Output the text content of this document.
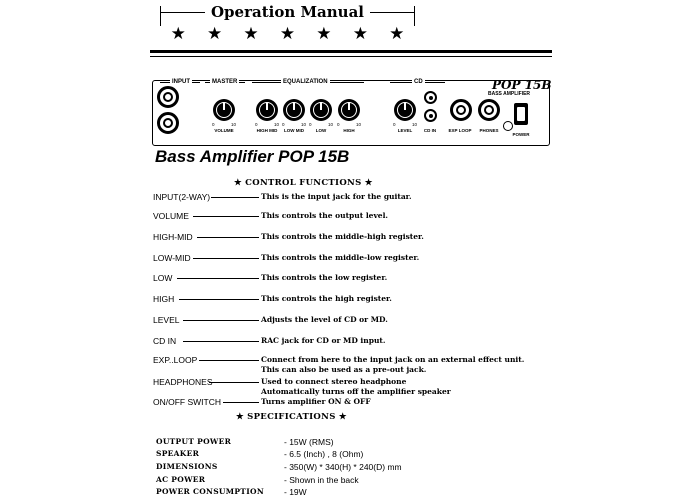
Operation Manual
★ ★ ★ ★ ★ ★ ★
INPUT	MASTER	EQUALIZATION	CD	POP 15B
BASS AMPLIFIER
0	10
VOLUME
0	10
HIGH MID
0	10
LOW MID
0	10
LOW
0	10
HIGH
0	10
LEVEL	CD IN	EXP LOOP	PHONES
POWER
Bass Amplifier POP 15B
★ CONTROL FUNCTIONS ★
INPUT(2-WAY)	This is the input jack for the guitar.
VOLUME	This controls the output level.
HIGH-MID	This controls the middle-high register.
LOW-MID	This controls the middle-low register.
LOW	This controls the low register.
HIGH	This controls the high register.
LEVEL	Adjusts the level of CD or MD.
CD IN	RAC jack for CD or MD input.
EXP..LOOP	Connect from here to the input jack on an external effect unit.
This can also be used as a pre-out jack.
HEADPHONES	Used to connect stereo headphone
Automatically turns off the amplifier speaker
ON/OFF SWITCH	Turns amplifier ON & OFF
★ SPECIFICATIONS ★
OUTPUT POWER	- 15W (RMS)
SPEAKER	- 6.5 (Inch) , 8 (Ohm)
DIMENSIONS	- 350(W) * 340(H) * 240(D) mm
AC POWER	- Shown in the back
POWER CONSUMPTION - 19W
